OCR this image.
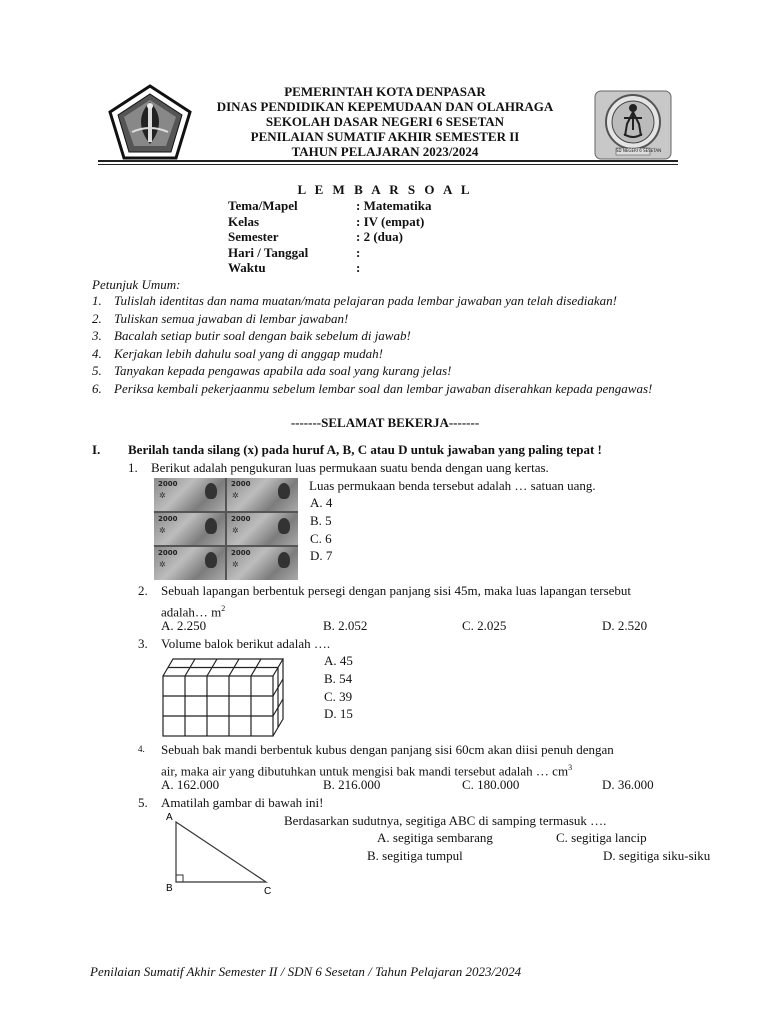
SD NEGERI 6 SESETAN
PEMERINTAH KOTA DENPASAR
DINAS PENDIDIKAN KEPEMUDAAN DAN OLAHRAGA
SEKOLAH DASAR NEGERI 6 SESETAN
PENILAIAN SUMATIF AKHIR SEMESTER II
TAHUN PELAJARAN 2023/2024
L E M B A R S O A L
Tema/Mapel	: Matematika
Kelas	: IV (empat)
Semester	: 2 (dua)
Hari / Tanggal	:
Waktu	:
Petunjuk Umum:
1. Tulislah identitas dan nama muatan/mata pelajaran pada lembar jawaban yan telah disediakan!
2. Tuliskan semua jawaban di lembar jawaban!
3. Bacalah setiap butir soal dengan baik sebelum di jawab!
4. Kerjakan lebih dahulu soal yang di anggap mudah!
5. Tanyakan kepada pengawas apabila ada soal yang kurang jelas!
6. Periksa kembali pekerjaanmu sebelum lembar soal dan lembar jawaban diserahkan kepada pengawas!
-------SELAMAT BEKERJA-------
I. Berilah tanda silang (x) pada huruf A, B, C atau D untuk jawaban yang paling tepat !
1. Berikut adalah pengukuran luas permukaan suatu benda dengan uang kertas.
2000
✲
2000
✲
2000
✲
2000
✲
2000
✲
2000
✲
Luas permukaan benda tersebut adalah … satuan uang.
A. 4
B. 5
C. 6
D. 7
2. Sebuah lapangan berbentuk persegi dengan panjang sisi 45m, maka luas lapangan tersebut
adalah… $m^2$
A. 2.250	B. 2.052	C. 2.025	D. 2.520
3. Volume balok berikut adalah ….
A. 45
B. 54
C. 39
D. 15
4. Sebuah bak mandi berbentuk kubus dengan panjang sisi 60cm akan diisi penuh dengan
air, maka air yang dibutuhkan untuk mengisi bak mandi tersebut adalah … $cm^3$
A. 162.000	B. 216.000	C. 180.000	D. 36.000
5. Amatilah gambar di bawah ini!
A
B	C
Berdasarkan sudutnya, segitiga ABC di samping termasuk ….
A. segitiga sembarang	C. segitiga lancip
B. segitiga tumpul	D. segitiga siku-siku
Penilaian Sumatif Akhir Semester II / SDN 6 Sesetan / Tahun Pelajaran 2023/2024
